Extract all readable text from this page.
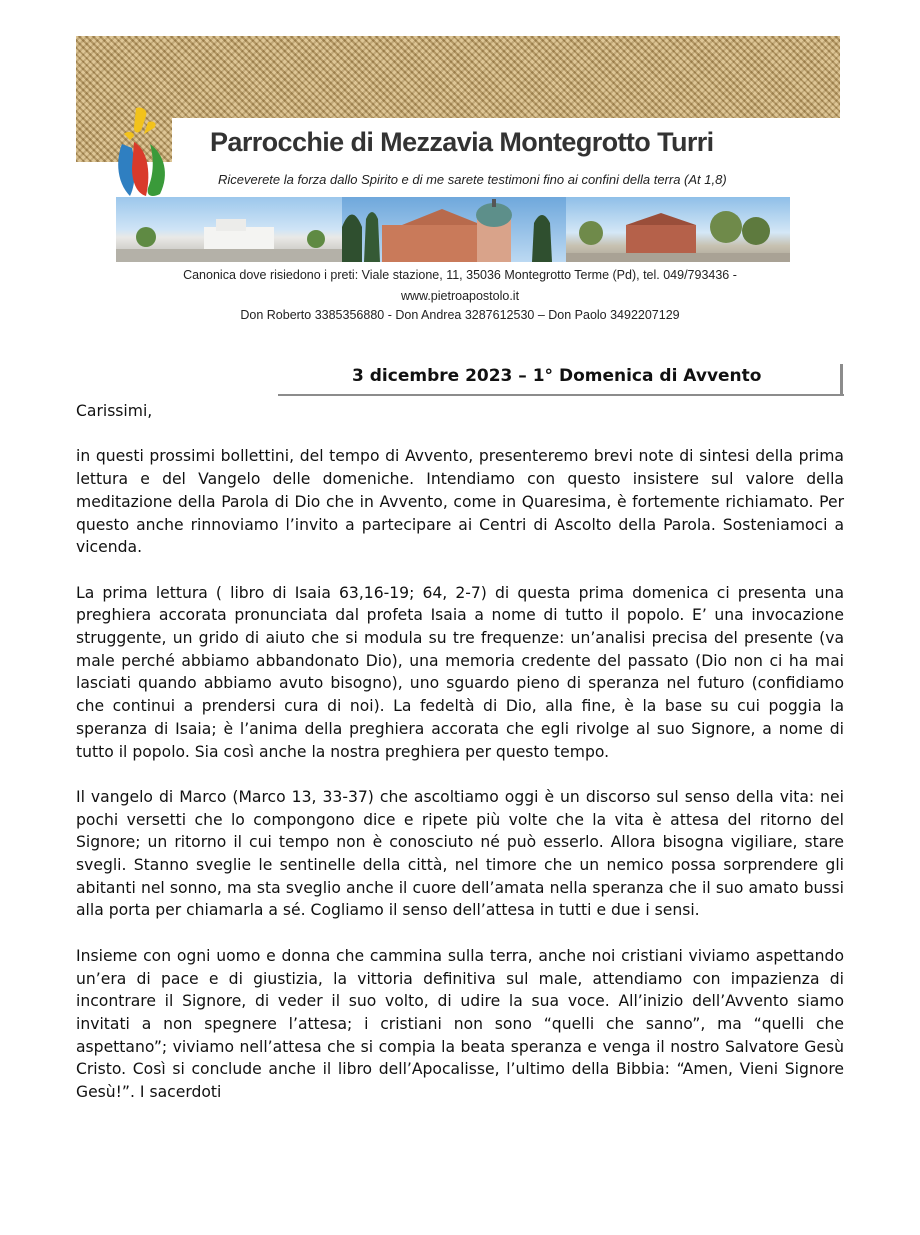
Parrocchie di Mezzavia Montegrotto Turri
Riceverete la forza dallo Spirito e di me sarete testimoni fino ai confini della terra (At 1,8)
Canonica dove risiedono i preti: Viale stazione, 11, 35036 Montegrotto Terme (Pd), tel. 049/793436 -
www.pietroapostolo.it
Don Roberto 3385356880 - Don Andrea 3287612530 – Don Paolo 3492207129
3 dicembre 2023 – 1° Domenica di Avvento

Carissimi,

in questi prossimi bollettini, del tempo di Avvento, presenteremo brevi note di sintesi della prima lettura e del Vangelo delle domeniche. Intendiamo con questo insistere sul valore della meditazione della Parola di Dio che in Avvento, come in Quaresima, è fortemente richiamato. Per questo anche rinnoviamo l’invito a partecipare ai Centri di Ascolto della Parola. Sosteniamoci a vicenda.

La prima lettura ( libro di Isaia 63,16-19; 64, 2-7) di questa prima domenica ci presenta una preghiera accorata pronunciata dal profeta Isaia a nome di tutto il popolo. E’ una invocazione struggente, un grido di aiuto che si modula su tre frequenze: un’analisi precisa del presente (va male perché abbiamo abbandonato Dio), una memoria credente del passato (Dio non ci ha mai lasciati quando abbiamo avuto bisogno), uno sguardo pieno di speranza nel futuro (confidiamo che continui a prendersi cura di noi). La fedeltà di Dio, alla fine, è la base su cui poggia la speranza di Isaia; è l’anima della preghiera accorata che egli rivolge al suo Signore, a nome di tutto il popolo. Sia così anche la nostra preghiera per questo tempo.

Il vangelo di Marco (Marco 13, 33-37) che ascoltiamo oggi è un discorso sul senso della vita: nei pochi versetti che lo compongono dice e ripete più volte che la vita è attesa del ritorno del Signore; un ritorno il cui tempo non è conosciuto né può esserlo. Allora bisogna vigiliare, stare svegli. Stanno sveglie le sentinelle della città, nel timore che un nemico possa sorprendere gli abitanti nel sonno, ma sta sveglio anche il cuore dell’amata nella speranza che il suo amato bussi alla porta per chiamarla a sé. Cogliamo il senso dell’attesa in tutti e due i sensi.

Insieme con ogni uomo e donna che cammina sulla terra, anche noi cristiani viviamo aspettando un’era di pace e di giustizia, la vittoria definitiva sul male, attendiamo con impazienza di incontrare il Signore, di veder il suo volto, di udire la sua voce. All’inizio dell’Avvento siamo invitati a non spegnere l’attesa; i cristiani non sono “quelli che sanno”, ma “quelli che aspettano”; viviamo nell’attesa che si compia la beata speranza e venga il nostro Salvatore Gesù Cristo. Così si conclude anche il libro dell’Apocalisse, l’ultimo della Bibbia: “Amen, Vieni Signore Gesù!”. I sacerdoti
